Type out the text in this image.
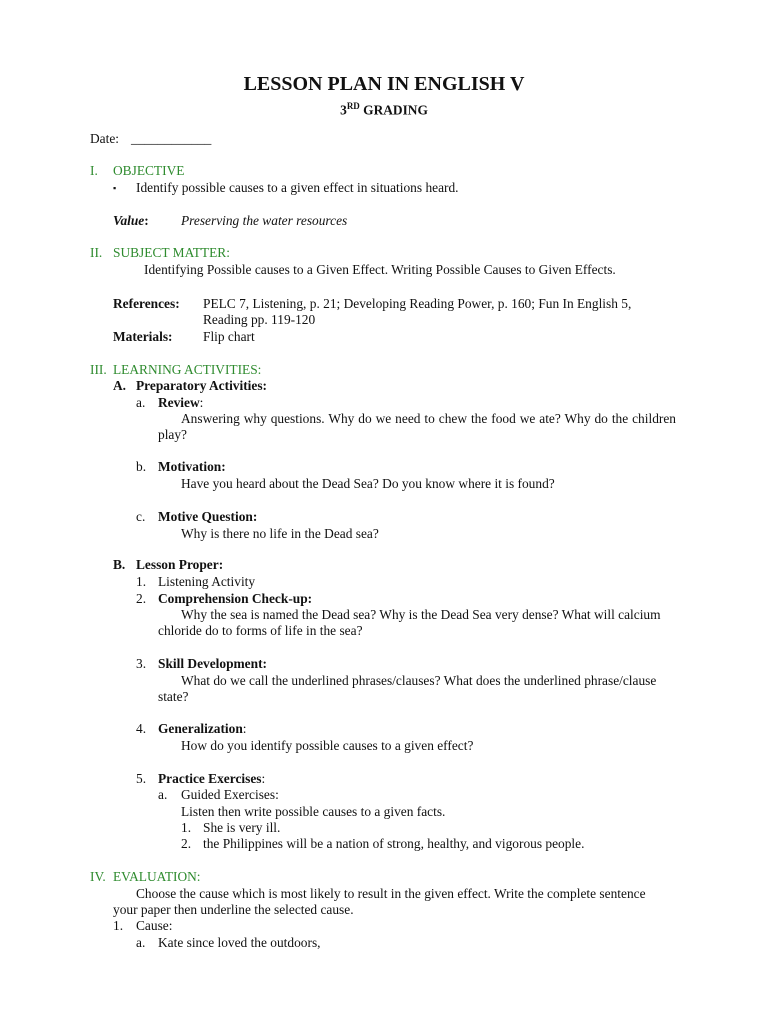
LESSON PLAN IN ENGLISH V
3RD GRADING
Date: ____________
I. OBJECTIVE
▪ Identify possible causes to a given effect in situations heard.
Value: Preserving the water resources
II. SUBJECT MATTER:
Identifying Possible causes to a Given Effect. Writing Possible Causes to Given Effects.
References: PELC 7, Listening, p. 21; Developing Reading Power, p. 160; Fun In English 5,
Reading pp. 119-120
Materials: Flip chart
III. LEARNING ACTIVITIES:
A. Preparatory Activities:
a. Review:
Answering why questions. Why do we need to chew the food we ate? Why do the children play?
b. Motivation:
Have you heard about the Dead Sea? Do you know where it is found?
c. Motive Question:
Why is there no life in the Dead sea?
B. Lesson Proper:
1. Listening Activity
2. Comprehension Check-up:
Why the sea is named the Dead sea? Why is the Dead Sea very dense? What will calcium chloride do to forms of life in the sea?
3. Skill Development:
What do we call the underlined phrases/clauses? What does the underlined phrase/clause state?
4. Generalization:
How do you identify possible causes to a given effect?
5. Practice Exercises:
a. Guided Exercises:
Listen then write possible causes to a given facts.
1. She is very ill.
2. the Philippines will be a nation of strong, healthy, and vigorous people.
IV. EVALUATION:
Choose the cause which is most likely to result in the given effect. Write the complete sentence
your paper then underline the selected cause.
1. Cause:
a. Kate since loved the outdoors,
